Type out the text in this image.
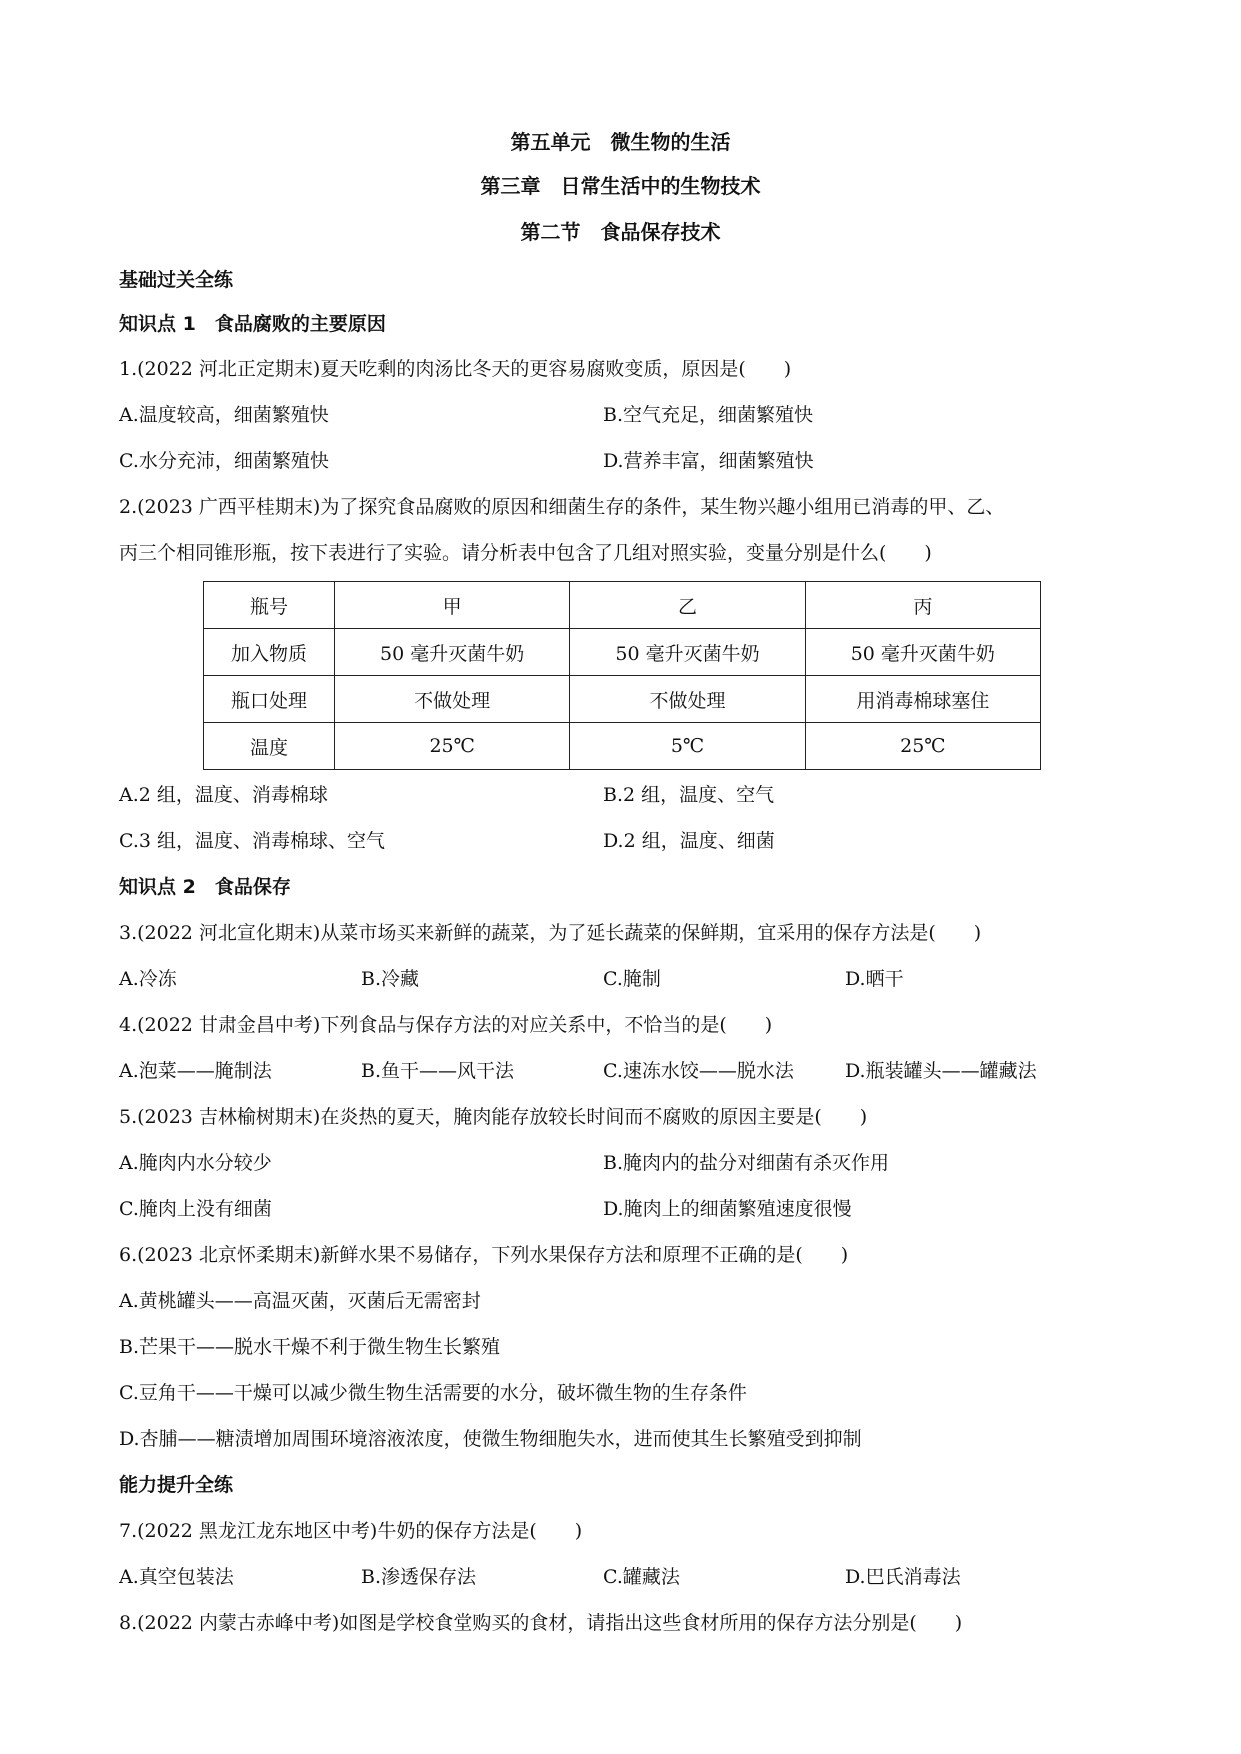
第五单元　微生物的生活
第三章　日常生活中的生物技术
第二节　食品保存技术
基础过关全练
知识点 1　食品腐败的主要原因
1.(2022 河北正定期末)夏天吃剩的肉汤比冬天的更容易腐败变质，原因是(　　)
A.温度较高，细菌繁殖快	B.空气充足，细菌繁殖快
C.水分充沛，细菌繁殖快	D.营养丰富，细菌繁殖快
2.(2023 广西平桂期末)为了探究食品腐败的原因和细菌生存的条件，某生物兴趣小组用已消毒的甲、乙、
丙三个相同锥形瓶，按下表进行了实验。请分析表中包含了几组对照实验，变量分别是什么(　　)
瓶号	甲	乙	丙
加入物质	50 毫升灭菌牛奶	50 毫升灭菌牛奶	50 毫升灭菌牛奶
瓶口处理	不做处理	不做处理	用消毒棉球塞住
温度	25℃	5℃	25℃
A.2 组，温度、消毒棉球	B.2 组，温度、空气
C.3 组，温度、消毒棉球、空气	D.2 组，温度、细菌
知识点 2　食品保存
3.(2022 河北宣化期末)从菜市场买来新鲜的蔬菜，为了延长蔬菜的保鲜期，宜采用的保存方法是(　　)
A.冷冻	B.冷藏	C.腌制	D.晒干
4.(2022 甘肃金昌中考)下列食品与保存方法的对应关系中，不恰当的是(　　)
A.泡菜——腌制法	B.鱼干——风干法	C.速冻水饺——脱水法	D.瓶装罐头——罐藏法
5.(2023 吉林榆树期末)在炎热的夏天，腌肉能存放较长时间而不腐败的原因主要是(　　)
A.腌肉内水分较少	B.腌肉内的盐分对细菌有杀灭作用
C.腌肉上没有细菌	D.腌肉上的细菌繁殖速度很慢
6.(2023 北京怀柔期末)新鲜水果不易储存，下列水果保存方法和原理不正确的是(　　)
A.黄桃罐头——高温灭菌，灭菌后无需密封
B.芒果干——脱水干燥不利于微生物生长繁殖
C.豆角干——干燥可以减少微生物生活需要的水分，破坏微生物的生存条件
D.杏脯——糖渍增加周围环境溶液浓度，使微生物细胞失水，进而使其生长繁殖受到抑制
能力提升全练
7.(2022 黑龙江龙东地区中考)牛奶的保存方法是(　　)
A.真空包装法	B.渗透保存法	C.罐藏法	D.巴氏消毒法
8.(2022 内蒙古赤峰中考)如图是学校食堂购买的食材，请指出这些食材所用的保存方法分别是(　　)
